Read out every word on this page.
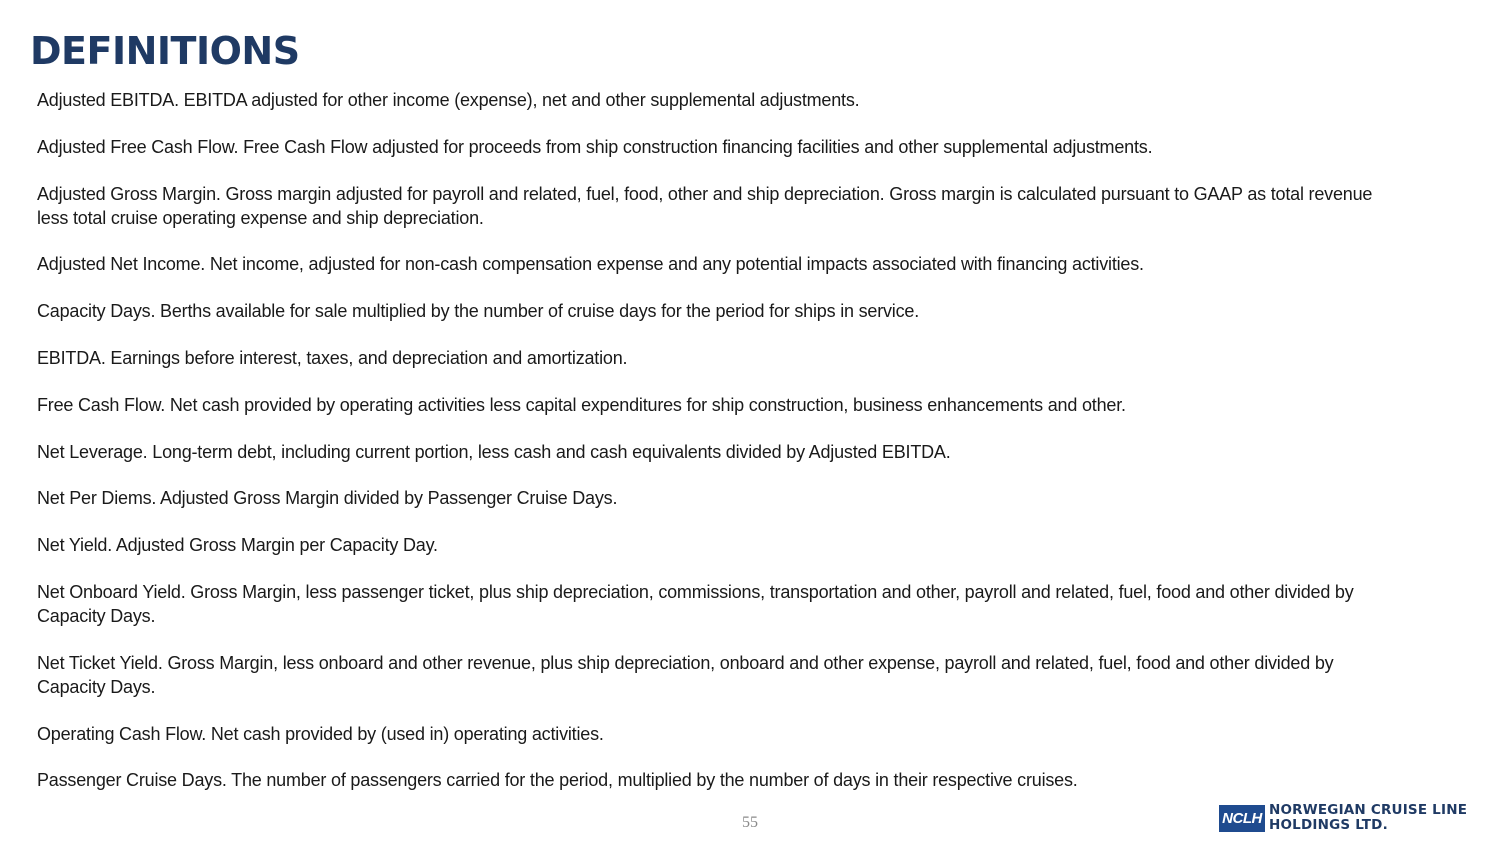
DEFINITIONS
Adjusted EBITDA. EBITDA adjusted for other income (expense), net and other supplemental adjustments.
Adjusted Free Cash Flow. Free Cash Flow adjusted for proceeds from ship construction financing facilities and other supplemental adjustments.
Adjusted Gross Margin. Gross margin adjusted for payroll and related, fuel, food, other and ship depreciation. Gross margin is calculated pursuant to GAAP as total revenue less total cruise operating expense and ship depreciation.
Adjusted Net Income. Net income, adjusted for non-cash compensation expense and any potential impacts associated with financing activities.
Capacity Days. Berths available for sale multiplied by the number of cruise days for the period for ships in service.
EBITDA. Earnings before interest, taxes, and depreciation and amortization.
Free Cash Flow. Net cash provided by operating activities less capital expenditures for ship construction, business enhancements and other.
Net Leverage. Long-term debt, including current portion, less cash and cash equivalents divided by Adjusted EBITDA.
Net Per Diems. Adjusted Gross Margin divided by Passenger Cruise Days.
Net Yield. Adjusted Gross Margin per Capacity Day.
Net Onboard Yield. Gross Margin, less passenger ticket, plus ship depreciation, commissions, transportation and other, payroll and related, fuel, food and other divided by Capacity Days.
Net Ticket Yield. Gross Margin, less onboard and other revenue, plus ship depreciation, onboard and other expense, payroll and related, fuel, food and other divided by Capacity Days.
Operating Cash Flow. Net cash provided by (used in) operating activities.
Passenger Cruise Days. The number of passengers carried for the period, multiplied by the number of days in their respective cruises.
55	NCLH NORWEGIAN CRUISE LINE
HOLDINGS LTD.
